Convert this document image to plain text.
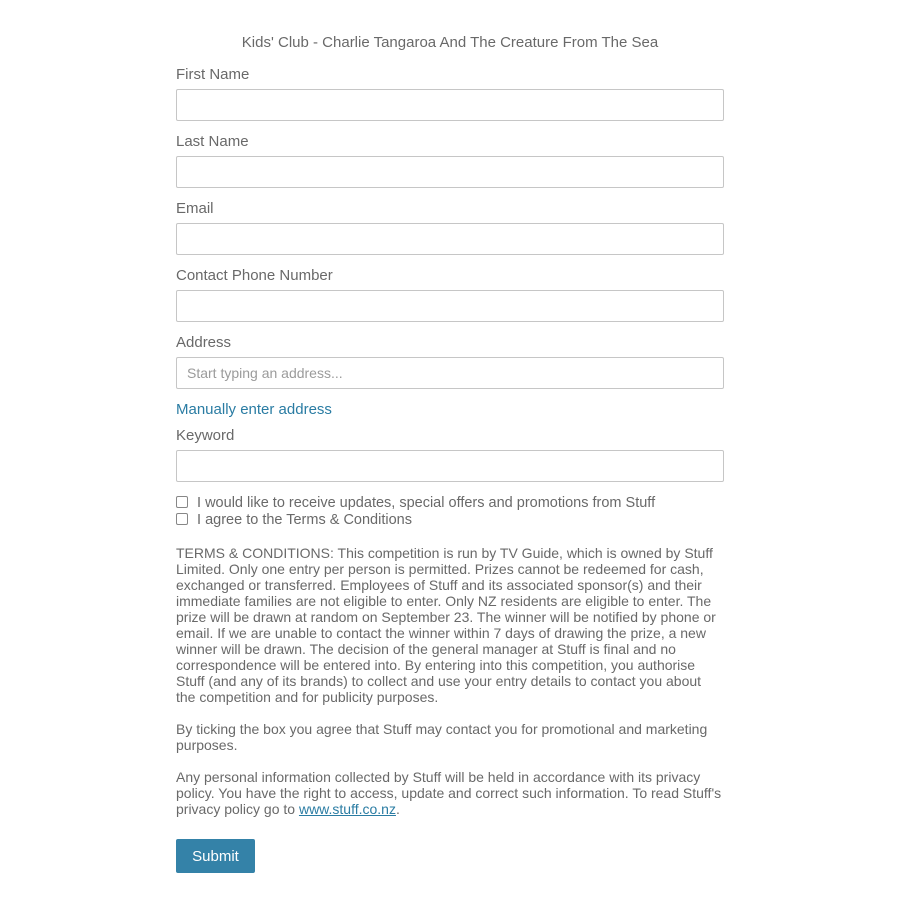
Kids' Club - Charlie Tangaroa And The Creature From The Sea
First Name
Last Name
Email
Contact Phone Number
Address
Start typing an address...
Manually enter address
Keyword
I would like to receive updates, special offers and promotions from Stuff
I agree to the Terms & Conditions

TERMS & CONDITIONS: This competition is run by TV Guide, which is owned by Stuff Limited. Only one entry per person is permitted. Prizes cannot be redeemed for cash, exchanged or transferred. Employees of Stuff and its associated sponsor(s) and their immediate families are not eligible to enter. Only NZ residents are eligible to enter. The prize will be drawn at random on September 23. The winner will be notified by phone or email. If we are unable to contact the winner within 7 days of drawing the prize, a new winner will be drawn. The decision of the general manager at Stuff is final and no correspondence will be entered into. By entering into this competition, you authorise Stuff (and any of its brands) to collect and use your entry details to contact you about the competition and for publicity purposes.

By ticking the box you agree that Stuff may contact you for promotional and marketing purposes.

Any personal information collected by Stuff will be held in accordance with its privacy policy. You have the right to access, update and correct such information. To read Stuff's privacy policy go to www.stuff.co.nz.

Submit
